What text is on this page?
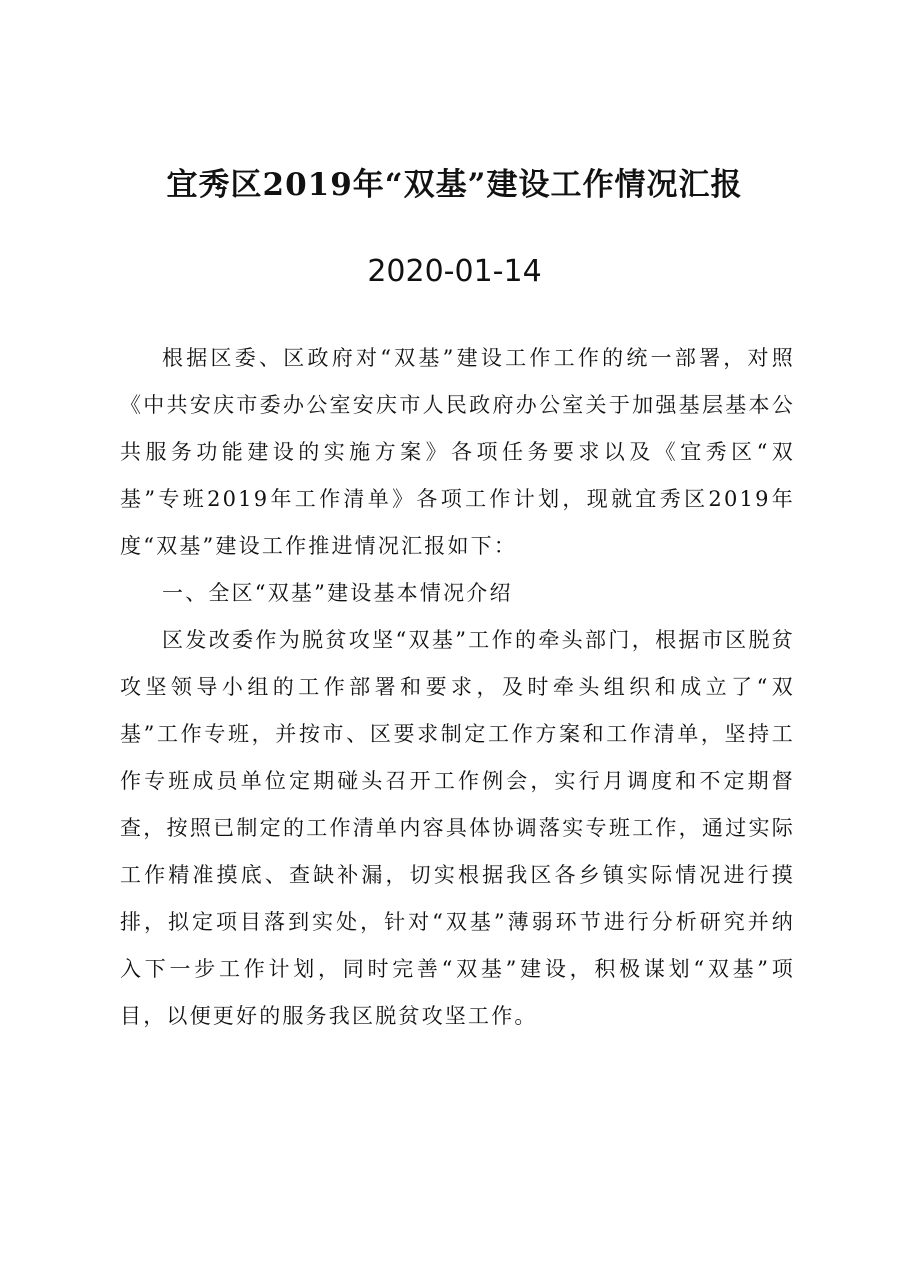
宜秀区2019年“双基”建设工作情况汇报
2020-01-14

根据区委、区政府对“双基”建设工作工作的统一部署，对照《中共安庆市委办公室安庆市人民政府办公室关于加强基层基本公共服务功能建设的实施方案》各项任务要求以及《宜秀区“双基”专班2019年工作清单》各项工作计划，现就宜秀区2019年度“双基”建设工作推进情况汇报如下：

一、全区“双基”建设基本情况介绍

区发改委作为脱贫攻坚“双基”工作的牵头部门，根据市区脱贫攻坚领导小组的工作部署和要求，及时牵头组织和成立了“双基”工作专班，并按市、区要求制定工作方案和工作清单，坚持工作专班成员单位定期碰头召开工作例会，实行月调度和不定期督查，按照已制定的工作清单内容具体协调落实专班工作，通过实际工作精准摸底、查缺补漏，切实根据我区各乡镇实际情况进行摸排，拟定项目落到实处，针对“双基”薄弱环节进行分析研究并纳入下一步工作计划，同时完善“双基”建设，积极谋划“双基”项目，以便更好的服务我区脱贫攻坚工作。
